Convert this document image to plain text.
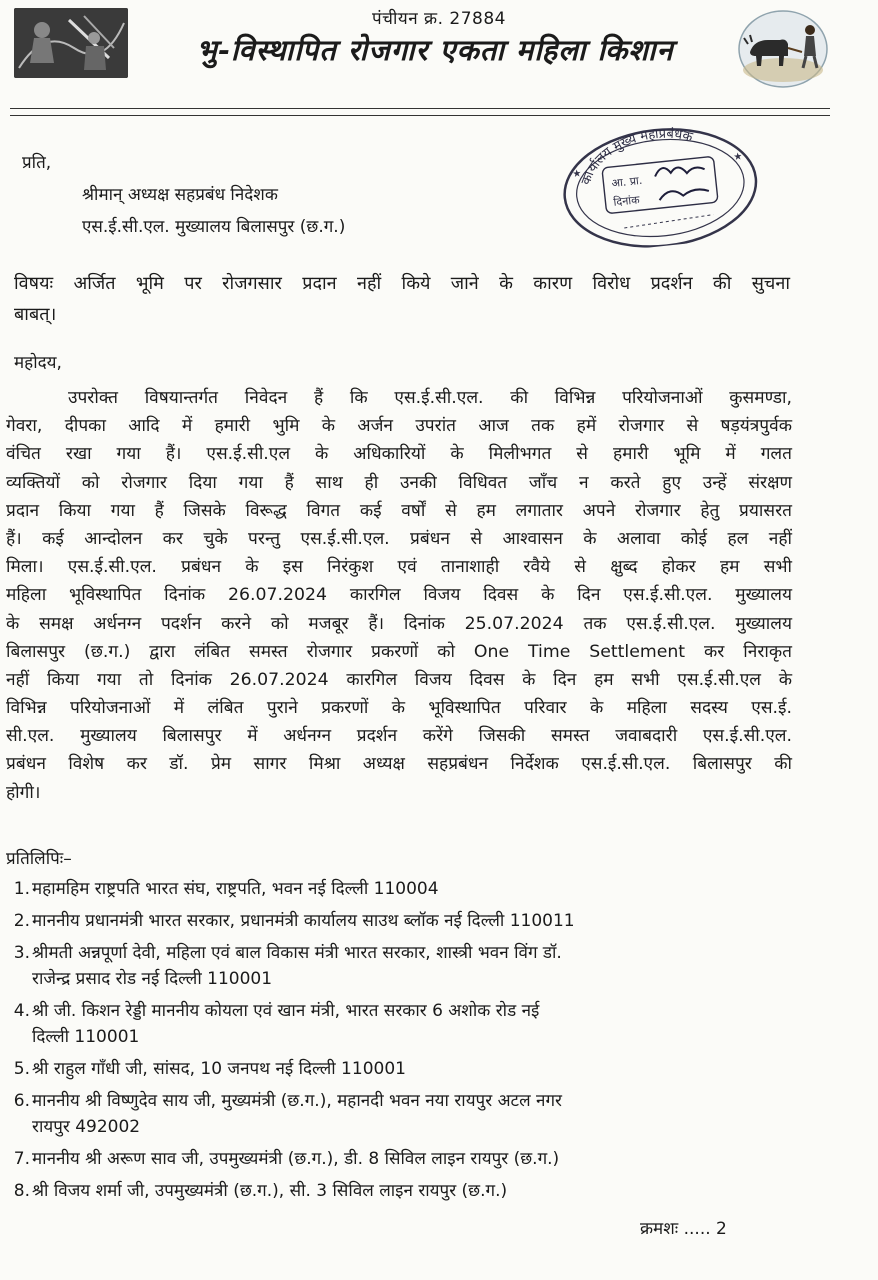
पंचीयन क्र. 27884
भु-विस्थापित रोजगार एकता महिला किशान
कार्यालय मुख्य महाप्रबंधक
आ. प्रा.
दिनांक
★
★
प्रति,
श्रीमान् अध्यक्ष सहप्रबंध निदेशक
एस.ई.सी.एल. मुख्यालय बिलासपुर (छ.ग.)
विषयः अर्जित भूमि पर रोजगसार प्रदान नहीं किये जाने के कारण विरोध प्रदर्शन की सुचना
बाबत्।
महोदय,
उपरोक्त विषयान्तर्गत निवेदन हैं कि एस.ई.सी.एल. की विभिन्न परियोजनाओं कुसमण्डा,
गेवरा, दीपका आदि में हमारी भुमि के अर्जन उपरांत आज तक हमें रोजगार से षड़यंत्रपुर्वक
वंचित रखा गया हैं। एस.ई.सी.एल के अधिकारियों के मिलीभगत से हमारी भूमि में गलत
व्यक्तियों को रोजगार दिया गया हैं साथ ही उनकी विधिवत जाँच न करते हुए उन्हें संरक्षण
प्रदान किया गया हैं जिसके विरूद्ध विगत कई वर्षों से हम लगातार अपने रोजगार हेतु प्रयासरत
हैं। कई आन्दोलन कर चुके परन्तु एस.ई.सी.एल. प्रबंधन से आश्वासन के अलावा कोई हल नहीं
मिला। एस.ई.सी.एल. प्रबंधन के इस निरंकुश एवं तानाशाही रवैये से क्षुब्द होकर हम सभी
महिला भूविस्थापित दिनांक 26.07.2024 कारगिल विजय दिवस के दिन एस.ई.सी.एल. मुख्यालय
के समक्ष अर्धनग्न पदर्शन करने को मजबूर हैं। दिनांक 25.07.2024 तक एस.ई.सी.एल. मुख्यालय
बिलासपुर (छ.ग.) द्वारा लंबित समस्त रोजगार प्रकरणों को One Time Settlement कर निराकृत
नहीं किया गया तो दिनांक 26.07.2024 कारगिल विजय दिवस के दिन हम सभी एस.ई.सी.एल के
विभिन्न परियोजनाओं में लंबित पुराने प्रकरणों के भूविस्थापित परिवार के महिला सदस्य एस.ई.
सी.एल. मुख्यालय बिलासपुर में अर्धनग्न प्रदर्शन करेंगे जिसकी समस्त जवाबदारी एस.ई.सी.एल.
प्रबंधन विशेष कर डॉ. प्रेम सागर मिश्रा अध्यक्ष सहप्रबंधन निर्देशक एस.ई.सी.एल. बिलासपुर की
होगी।
प्रतिलिपिः–
1. महामहिम राष्ट्रपति भारत संघ, राष्ट्रपति, भवन नई दिल्ली 110004
2. माननीय प्रधानमंत्री भारत सरकार, प्रधानमंत्री कार्यालय साउथ ब्लॉक नई दिल्ली 110011
3. श्रीमती अन्नपूर्णा देवी, महिला एवं बाल विकास मंत्री भारत सरकार, शास्त्री भवन विंग डॉ.
राजेन्द्र प्रसाद रोड नई दिल्ली 110001
4. श्री जी. किशन रेड्डी माननीय कोयला एवं खान मंत्री, भारत सरकार 6 अशोक रोड नई
दिल्ली 110001
5. श्री राहुल गाँधी जी, सांसद, 10 जनपथ नई दिल्ली 110001
6. माननीय श्री विष्णुदेव साय जी, मुख्यमंत्री (छ.ग.), महानदी भवन नया रायपुर अटल नगर
रायपुर 492002
7. माननीय श्री अरूण साव जी, उपमुख्यमंत्री (छ.ग.), डी. 8 सिविल लाइन रायपुर (छ.ग.)
8. श्री विजय शर्मा जी, उपमुख्यमंत्री (छ.ग.), सी. 3 सिविल लाइन रायपुर (छ.ग.)
क्रमशः ..... 2
